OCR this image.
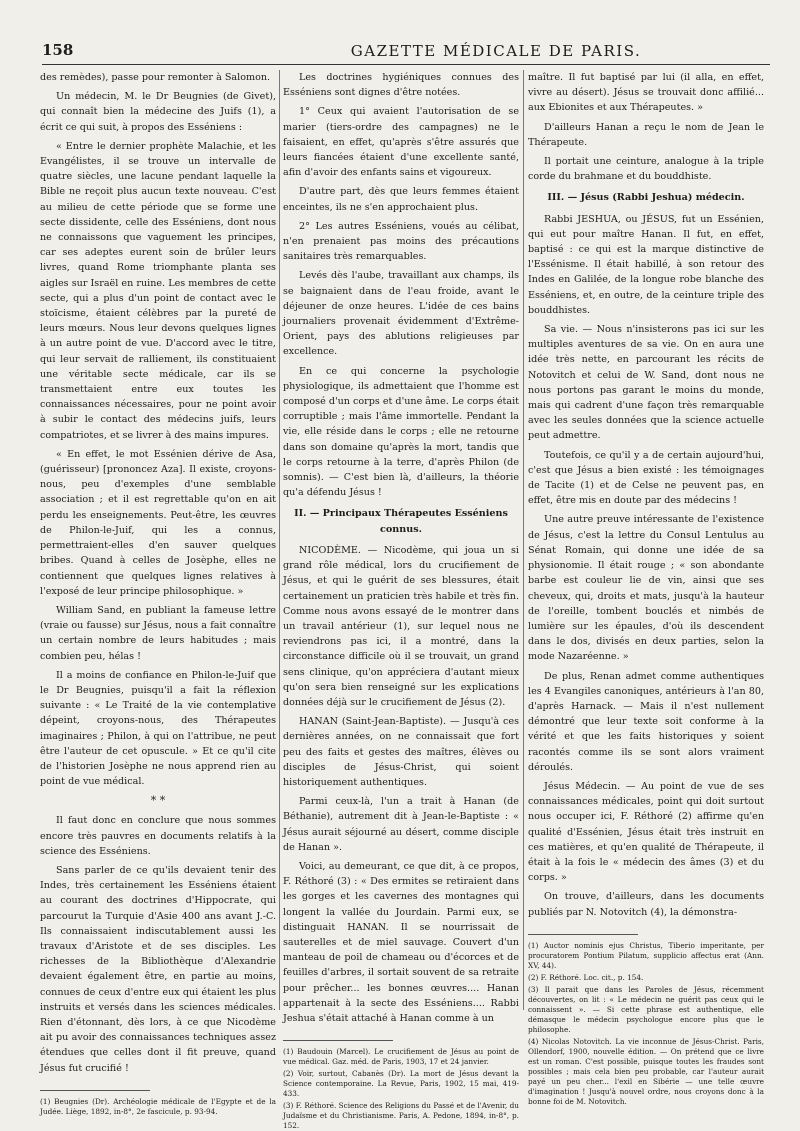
158	GAZETTE MÉDICALE DE PARIS.

des remèdes), passe pour remonter à Salomon.

Un médecin, M. le Dr Beugnies (de Givet), qui connaît bien la médecine des Juifs (1), a écrit ce qui suit, à propos des Esséniens :

« Entre le dernier prophète Malachie, et les Evangélistes, il se trouve un intervalle de quatre siècles, une lacune pendant laquelle la Bible ne reçoit plus aucun texte nouveau. C'est au milieu de cette période que se forme une secte dissidente, celle des Esséniens, dont nous ne connaissons que vaguement les principes, car ses adeptes eurent soin de brûler leurs livres, quand Rome triomphante planta ses aigles sur Israël en ruine. Les membres de cette secte, qui a plus d'un point de contact avec le stoïcisme, étaient célèbres par la pureté de leurs mœurs. Nous leur devons quelques lignes à un autre point de vue. D'accord avec le titre, qui leur servait de ralliement, ils constituaient une véritable secte médicale, car ils se transmettaient entre eux toutes les connaissances nécessaires, pour ne point avoir à subir le contact des médecins juifs, leurs compatriotes, et se livrer à des mains impures.

« En effet, le mot Essénien dérive de Asa, (guérisseur) [prononcez Aza]. Il existe, croyons-nous, peu d'exemples d'une semblable association ; et il est regrettable qu'on en ait perdu les enseignements. Peut-être, les œuvres de Philon-le-Juif, qui les a connus, permettraient-elles d'en sauver quelques bribes. Quand à celles de Josèphe, elles ne contiennent que quelques lignes relatives à l'exposé de leur principe philosophique. »

William Sand, en publiant la fameuse lettre (vraie ou fausse) sur Jésus, nous a fait connaître un certain nombre de leurs habitudes ; mais combien peu, hélas !

Il a moins de confiance en Philon-le-Juif que le Dr Beugnies, puisqu'il a fait la réflexion suivante : « Le Traité de la vie contemplative dépeint, croyons-nous, des Thérapeutes imaginaires ; Philon, à qui on l'attribue, ne peut être l'auteur de cet opuscule. » Et ce qu'il cite de l'historien Josèphe ne nous apprend rien au point de vue médical.

* *

Il faut donc en conclure que nous sommes encore très pauvres en documents relatifs à la science des Esséniens.

Sans parler de ce qu'ils devaient tenir des Indes, très certainement les Esséniens étaient au courant des doctrines d'Hippocrate, qui parcourut la Turquie d'Asie 400 ans avant J.-C. Ils connaissaient indiscutablement aussi les travaux d'Aristote et de ses disciples. Les richesses de la Bibliothèque d'Alexandrie devaient également être, en partie au moins, connues de ceux d'entre eux qui étaient les plus instruits et versés dans les sciences médicales. Rien d'étonnant, dès lors, à ce que Nicodème ait pu avoir des connaissances techniques assez étendues que celles dont il fit preuve, quand Jésus fut crucifié !

(1) Beugnies (Dr). Archéologie médicale de l'Egypte et de la Judée. Liège, 1892, in-8°, 2e fascicule, p. 93-94.

Les doctrines hygiéniques connues des Esséniens sont dignes d'être notées.

1° Ceux qui avaient l'autorisation de se marier (tiers-ordre des campagnes) ne le faisaient, en effet, qu'après s'être assurés que leurs fiancées étaient d'une excellente santé, afin d'avoir des enfants sains et vigoureux.

D'autre part, dès que leurs femmes étaient enceintes, ils ne s'en approchaient plus.

2° Les autres Esséniens, voués au célibat, n'en prenaient pas moins des précautions sanitaires très remarquables.

Levés dès l'aube, travaillant aux champs, ils se baignaient dans de l'eau froide, avant le déjeuner de onze heures. L'idée de ces bains journaliers provenait évidemment d'Extrême-Orient, pays des ablutions religieuses par excellence.

En ce qui concerne la psychologie physiologique, ils admettaient que l'homme est composé d'un corps et d'une âme. Le corps était corruptible ; mais l'âme immortelle. Pendant la vie, elle réside dans le corps ; elle ne retourne dans son domaine qu'après la mort, tandis que le corps retourne à la terre, d'après Philon (de somnis). — C'est bien là, d'ailleurs, la théorie qu'a défendu Jésus !

II. — Principaux Thérapeutes Esséniens connus.

NICODÈME. — Nicodème, qui joua un si grand rôle médical, lors du crucifiement de Jésus, et qui le guérit de ses blessures, était certainement un praticien très habile et très fin. Comme nous avons essayé de le montrer dans un travail antérieur (1), sur lequel nous ne reviendrons pas ici, il a montré, dans la circonstance difficile où il se trouvait, un grand sens clinique, qu'on appréciera d'autant mieux qu'on sera bien renseigné sur les explications données déjà sur le crucifiement de Jésus (2).

HANAN (Saint-Jean-Baptiste). — Jusqu'à ces dernières années, on ne connaissait que fort peu des faits et gestes des maîtres, élèves ou disciples de Jésus-Christ, qui soient historiquement authentiques.

Parmi ceux-là, l'un a trait à Hanan (de Béthanie), autrement dit à Jean-le-Baptiste : « Jésus aurait séjourné au désert, comme disciple de Hanan ».

Voici, au demeurant, ce que dit, à ce propos, F. Réthoré (3) : « Des ermites se retiraient dans les gorges et les cavernes des montagnes qui longent la vallée du Jourdain. Parmi eux, se distinguait HANAN. Il se nourrissait de sauterelles et de miel sauvage. Couvert d'un manteau de poil de chameau ou d'écorces et de feuilles d'arbres, il sortait souvent de sa retraite pour prêcher... les bonnes œuvres.... Hanan appartenait à la secte des Esséniens.... Rabbi Jeshua s'était attaché à Hanan comme à un

(1) Baudouin (Marcel). Le crucifiement de Jésus au point de vue médical. Gaz. méd. de Paris, 1903, 17 et 24 janvier.

(2) Voir, surtout, Cabanès (Dr). La mort de Jésus devant la Science contemporaine. La Revue, Paris, 1902, 15 mai, 419-433.

(3) F. Réthoré. Science des Religions du Passé et de l'Avenir, du Judaïsme et du Christianisme. Paris, A. Pedone, 1894, in-8°, p. 152.

maître. Il fut baptisé par lui (il alla, en effet, vivre au désert). Jésus se trouvait donc affilié... aux Ebionites et aux Thérapeutes. »

D'ailleurs Hanan a reçu le nom de Jean le Thérapeute.

Il portait une ceinture, analogue à la triple corde du brahmane et du bouddhiste.

III. — Jésus (Rabbi Jeshua) médecin.

Rabbi JESHUA, ou JÉSUS, fut un Essénien, qui eut pour maître Hanan. Il fut, en effet, baptisé : ce qui est la marque distinctive de l'Essénisme. Il était habillé, à son retour des Indes en Galilée, de la longue robe blanche des Esséniens, et, en outre, de la ceinture triple des bouddhistes.

Sa vie. — Nous n'insisterons pas ici sur les multiples aventures de sa vie. On en aura une idée très nette, en parcourant les récits de Notovitch et celui de W. Sand, dont nous ne nous portons pas garant le moins du monde, mais qui cadrent d'une façon très remarquable avec les seules données que la science actuelle peut admettre.

Toutefois, ce qu'il y a de certain aujourd'hui, c'est que Jésus a bien existé : les témoignages de Tacite (1) et de Celse ne peuvent pas, en effet, être mis en doute par des médecins !

Une autre preuve intéressante de l'existence de Jésus, c'est la lettre du Consul Lentulus au Sénat Romain, qui donne une idée de sa physionomie. Il était rouge ; « son abondante barbe est couleur lie de vin, ainsi que ses cheveux, qui, droits et mats, jusqu'à la hauteur de l'oreille, tombent bouclés et nimbés de lumière sur les épaules, d'où ils descendent dans le dos, divisés en deux parties, selon la mode Nazaréenne. »

De plus, Renan admet comme authentiques les 4 Evangiles canoniques, antérieurs à l'an 80, d'après Harnack. — Mais il n'est nullement démontré que leur texte soit conforme à la vérité et que les faits historiques y soient racontés comme ils se sont alors vraiment déroulés.

Jésus Médecin. — Au point de vue de ses connaissances médicales, point qui doit surtout nous occuper ici, F. Réthoré (2) affirme qu'en qualité d'Essénien, Jésus était très instruit en ces matières, et qu'en qualité de Thérapeute, il était à la fois le « médecin des âmes (3) et du corps. »

On trouve, d'ailleurs, dans les documents publiés par N. Notovitch (4), la démonstra-

(1) Auctor nominis ejus Christus, Tiberio imperitante, per procuratorem Pontium Pilatum, supplicio affectus erat (Ann. XV, 44).

(2) F. Réthoré. Loc. cit., p. 154.

(3) Il parait que dans les Paroles de Jésus, récemment découvertes, on lit : « Le médecin ne guérit pas ceux qui le connaissent ». — Si cette phrase est authentique, elle démasque le médecin psychologue encore plus que le philosophe.

(4) Nicolas Notovitch. La vie inconnue de Jésus-Christ. Paris, Ollendorf, 1900, nouvelle édition. — On prétend que ce livre est un roman. C'est possible, puisque toutes les fraudes sont possibles ; mais cela bien peu probable, car l'auteur aurait payé un peu cher... l'exil en Sibérie — une telle œuvre d'imagination ! Jusqu'à nouvel ordre, nous croyons donc à la bonne foi de M. Notovitch.
